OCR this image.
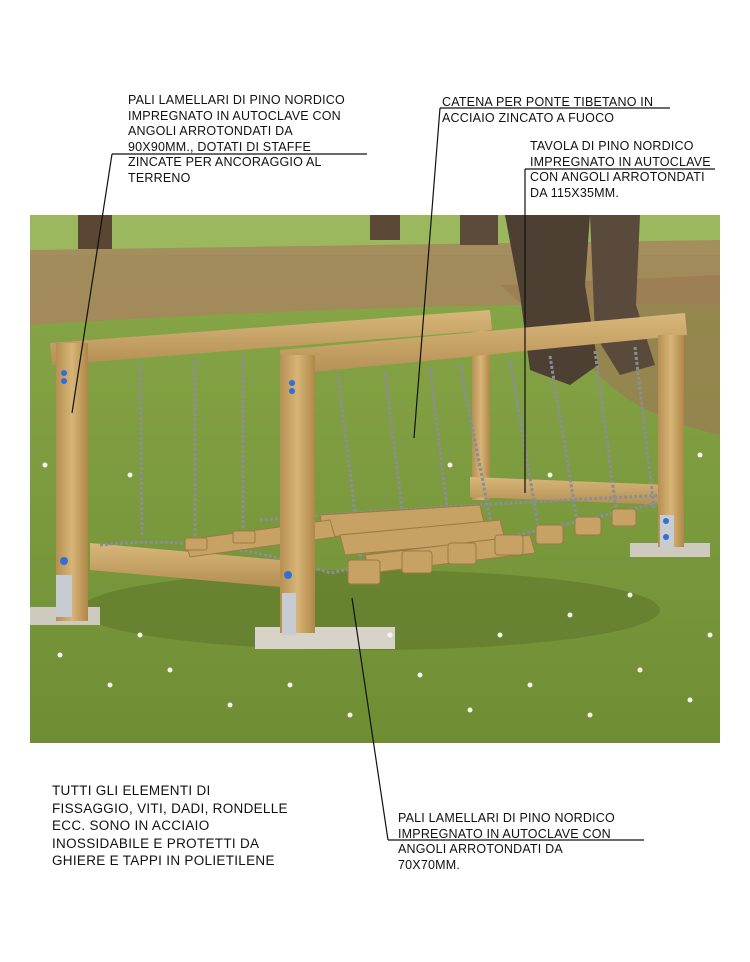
PALI LAMELLARI DI PINO NORDICO
IMPREGNATO IN AUTOCLAVE CON
ANGOLI ARROTONDATI DA
90X90MM., DOTATI DI STAFFE
ZINCATE PER ANCORAGGIO AL
TERRENO
CATENA PER PONTE TIBETANO IN
ACCIAIO ZINCATO A FUOCO
TAVOLA DI PINO NORDICO
IMPREGNATO IN AUTOCLAVE
CON ANGOLI ARROTONDATI
DA 115X35MM.
PALI LAMELLARI DI PINO NORDICO
IMPREGNATO IN AUTOCLAVE CON
ANGOLI ARROTONDATI DA
70X70MM.
TUTTI GLI ELEMENTI DI
FISSAGGIO, VITI, DADI, RONDELLE
ECC. SONO IN ACCIAIO
INOSSIDABILE E PROTETTI DA
GHIERE E TAPPI IN POLIETILENE
